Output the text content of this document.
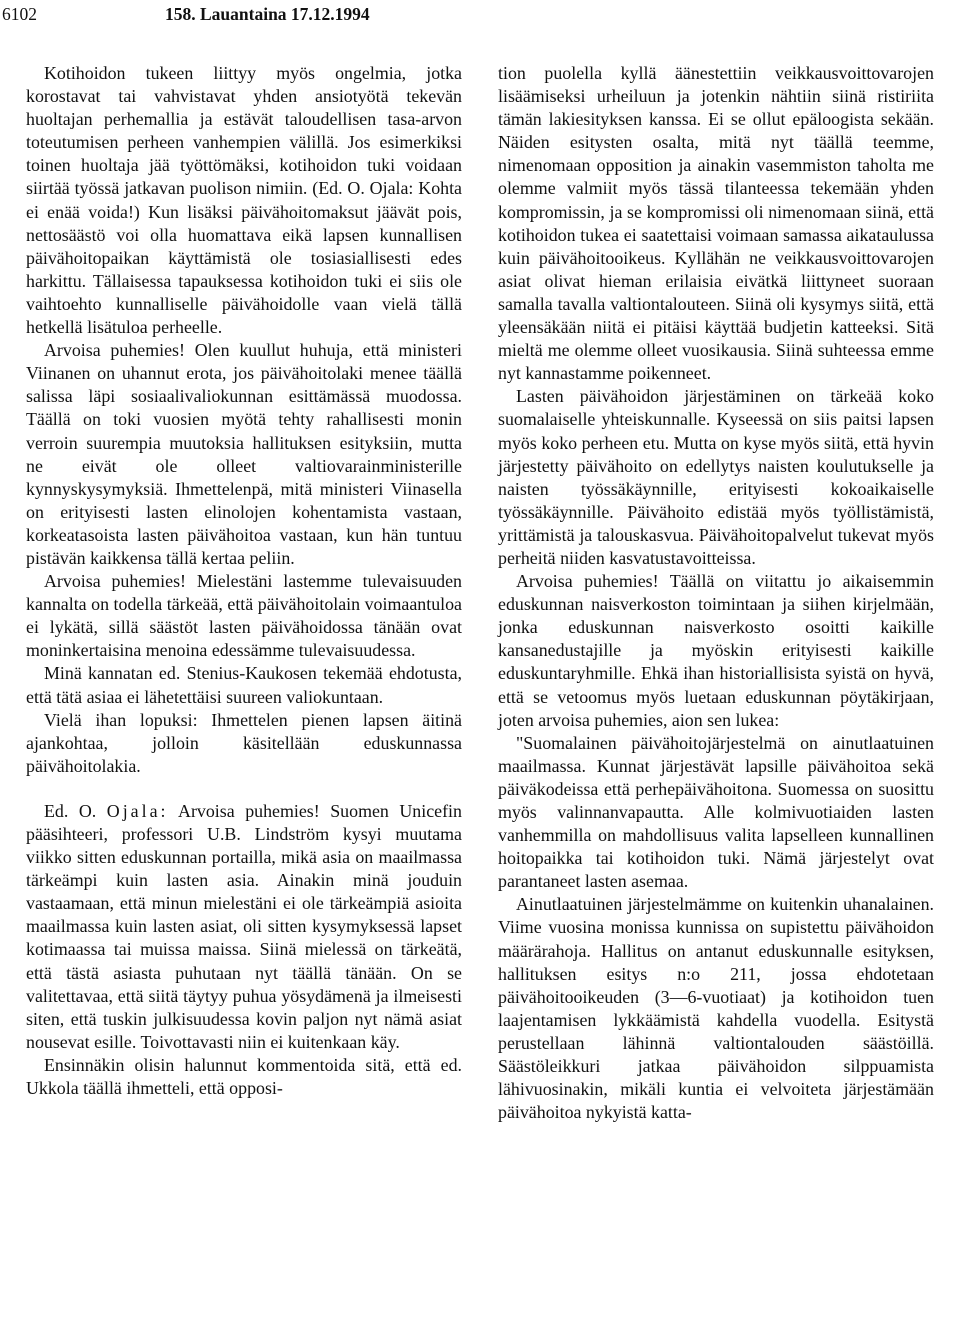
6102	158. Lauantaina 17.12.1994

Kotihoidon tukeen liittyy myös ongelmia, jotka korostavat tai vahvistavat yhden ansiotyötä tekevän huoltajan perhemallia ja estävät taloudellisen tasa-arvon toteutumisen perheen vanhempien välillä. Jos esimerkiksi toinen huoltaja jää työttömäksi, kotihoidon tuki voidaan siirtää työssä jatkavan puolison nimiin. (Ed. O. Ojala: Kohta ei enää voida!) Kun lisäksi päivähoitomaksut jäävät pois, nettosäästö voi olla huomattava eikä lapsen kunnallisen päivähoitopaikan käyttämistä ole tosiasiallisesti edes harkittu. Tällaisessa tapauksessa kotihoidon tuki ei siis ole vaihtoehto kunnalliselle päivähoidolle vaan vielä tällä hetkellä lisätuloa perheelle.

Arvoisa puhemies! Olen kuullut huhuja, että ministeri Viinanen on uhannut erota, jos päivähoitolaki menee täällä salissa läpi sosiaalivaliokunnan esittämässä muodossa. Täällä on toki vuosien myötä tehty rahallisesti monin verroin suurempia muutoksia hallituksen esityksiin, mutta ne eivät ole olleet valtiovarainministerille kynnyskysymyksiä. Ihmettelenpä, mitä ministeri Viinasella on erityisesti lasten elinolojen kohentamista vastaan, korkeatasoista lasten päivähoitoa vastaan, kun hän tuntuu pistävän kaikkensa tällä kertaa peliin.

Arvoisa puhemies! Mielestäni lastemme tulevaisuuden kannalta on todella tärkeää, että päivähoitolain voimaantuloa ei lykätä, sillä säästöt lasten päivähoidossa tänään ovat moninkertaisina menoina edessämme tulevaisuudessa.

Minä kannatan ed. Stenius-Kaukosen tekemää ehdotusta, että tätä asiaa ei lähetettäisi suureen valiokuntaan.

Vielä ihan lopuksi: Ihmettelen pienen lapsen äitinä ajankohtaa, jolloin käsitellään eduskunnassa päivähoitolakia.

Ed. O. Ojala: Arvoisa puhemies! Suomen Unicefin pääsihteeri, professori U.B. Lindström kysyi muutama viikko sitten eduskunnan portailla, mikä asia on maailmassa tärkeämpi kuin lasten asia. Ainakin minä jouduin vastaamaan, että minun mielestäni ei ole tärkeämpiä asioita maailmassa kuin lasten asiat, oli sitten kysymyksessä lapset kotimaassa tai muissa maissa. Siinä mielessä on tärkeätä, että tästä asiasta puhutaan nyt täällä tänään. On se valitettavaa, että siitä täytyy puhua yösydämenä ja ilmeisesti siten, että tuskin julkisuudessa kovin paljon nyt nämä asiat nousevat esille. Toivottavasti niin ei kuitenkaan käy.

Ensinnäkin olisin halunnut kommentoida sitä, että ed. Ukkola täällä ihmetteli, että opposi-

tion puolella kyllä äänestettiin veikkausvoittovarojen lisäämiseksi urheiluun ja jotenkin nähtiin siinä ristiriita tämän lakiesityksen kanssa. Ei se ollut epäloogista sekään. Näiden esitysten osalta, mitä nyt täällä teemme, nimenomaan opposition ja ainakin vasemmiston taholta me olemme valmiit myös tässä tilanteessa tekemään yhden kompromissin, ja se kompromissi oli nimenomaan siinä, että kotihoidon tukea ei saatettaisi voimaan samassa aikataulussa kuin päivähoitooikeus. Kyllähän ne veikkausvoittovarojen asiat olivat hieman erilaisia eivätkä liittyneet suoraan samalla tavalla valtiontalouteen. Siinä oli kysymys siitä, että yleensäkään niitä ei pitäisi käyttää budjetin katteeksi. Sitä mieltä me olemme olleet vuosikausia. Siinä suhteessa emme nyt kannastamme poikenneet.

Lasten päivähoidon järjestäminen on tärkeää koko suomalaiselle yhteiskunnalle. Kyseessä on siis paitsi lapsen myös koko perheen etu. Mutta on kyse myös siitä, että hyvin järjestetty päivähoito on edellytys naisten koulutukselle ja naisten työssäkäynnille, erityisesti kokoaikaiselle työssäkäynnille. Päivähoito edistää myös työllistämistä, yrittämistä ja talouskasvua. Päivähoitopalvelut tukevat myös perheitä niiden kasvatustavoitteissa.

Arvoisa puhemies! Täällä on viitattu jo aikaisemmin eduskunnan naisverkoston toimintaan ja siihen kirjelmään, jonka eduskunnan naisverkosto osoitti kaikille kansanedustajille ja myöskin erityisesti kaikille eduskuntaryhmille. Ehkä ihan historiallisista syistä on hyvä, että se vetoomus myös luetaan eduskunnan pöytäkirjaan, joten arvoisa puhemies, aion sen lukea:

"Suomalainen päivähoitojärjestelmä on ainutlaatuinen maailmassa. Kunnat järjestävät lapsille päivähoitoa sekä päiväkodeissa että perhepäivähoitona. Suomessa on suosittu myös valinnanvapautta. Alle kolmivuotiaiden lasten vanhemmilla on mahdollisuus valita lapselleen kunnallinen hoitopaikka tai kotihoidon tuki. Nämä järjestelyt ovat parantaneet lasten asemaa.

Ainutlaatuinen järjestelmämme on kuitenkin uhanalainen. Viime vuosina monissa kunnissa on supistettu päivähoidon määrärahoja. Hallitus on antanut eduskunnalle esityksen, hallituksen esitys n:o 211, jossa ehdotetaan päivähoitooikeuden (3—6-vuotiaat) ja kotihoidon tuen laajentamisen lykkäämistä kahdella vuodella. Esitystä perustellaan lähinnä valtiontalouden säästöillä. Säästöleikkuri jatkaa päivähoidon silppuamista lähivuosinakin, mikäli kuntia ei velvoiteta järjestämään päivähoitoa nykyistä katta-
